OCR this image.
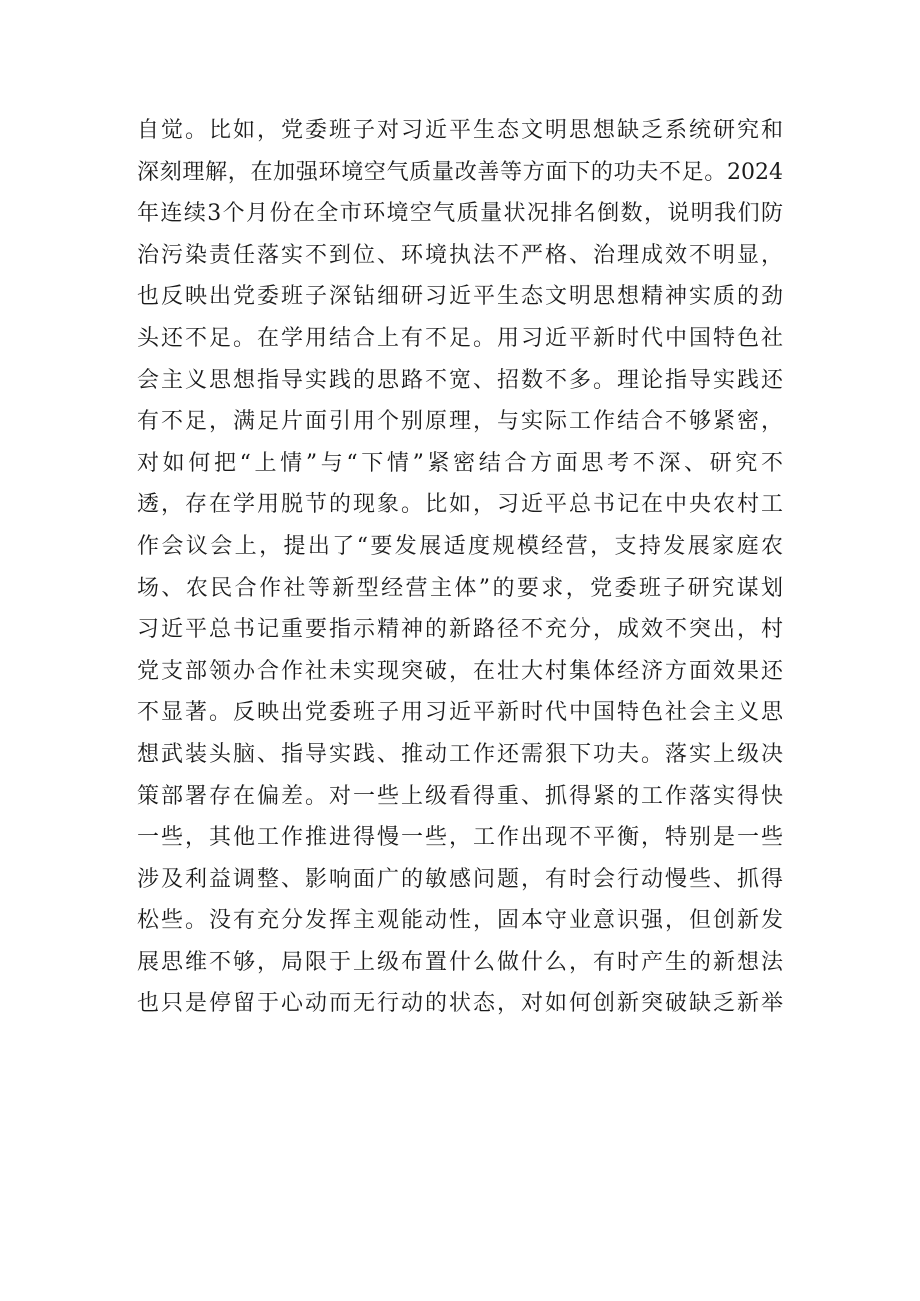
自觉。比如，党委班子对习近平生态文明思想缺乏系统研究和
深刻理解，在加强环境空气质量改善等方面下的功夫不足。2024
年连续3个月份在全市环境空气质量状况排名倒数，说明我们防
治污染责任落实不到位、环境执法不严格、治理成效不明显，
也反映出党委班子深钻细研习近平生态文明思想精神实质的劲
头还不足。在学用结合上有不足。用习近平新时代中国特色社
会主义思想指导实践的思路不宽、招数不多。理论指导实践还
有不足，满足片面引用个别原理，与实际工作结合不够紧密，
对如何把“上情”与“下情”紧密结合方面思考不深、研究不
透，存在学用脱节的现象。比如，习近平总书记在中央农村工
作会议会上，提出了“要发展适度规模经营，支持发展家庭农
场、农民合作社等新型经营主体”的要求，党委班子研究谋划
习近平总书记重要指示精神的新路径不充分，成效不突出，村
党支部领办合作社未实现突破，在壮大村集体经济方面效果还
不显著。反映出党委班子用习近平新时代中国特色社会主义思
想武装头脑、指导实践、推动工作还需狠下功夫。落实上级决
策部署存在偏差。对一些上级看得重、抓得紧的工作落实得快
一些，其他工作推进得慢一些，工作出现不平衡，特别是一些
涉及利益调整、影响面广的敏感问题，有时会行动慢些、抓得
松些。没有充分发挥主观能动性，固本守业意识强，但创新发
展思维不够，局限于上级布置什么做什么，有时产生的新想法
也只是停留于心动而无行动的状态，对如何创新突破缺乏新举
